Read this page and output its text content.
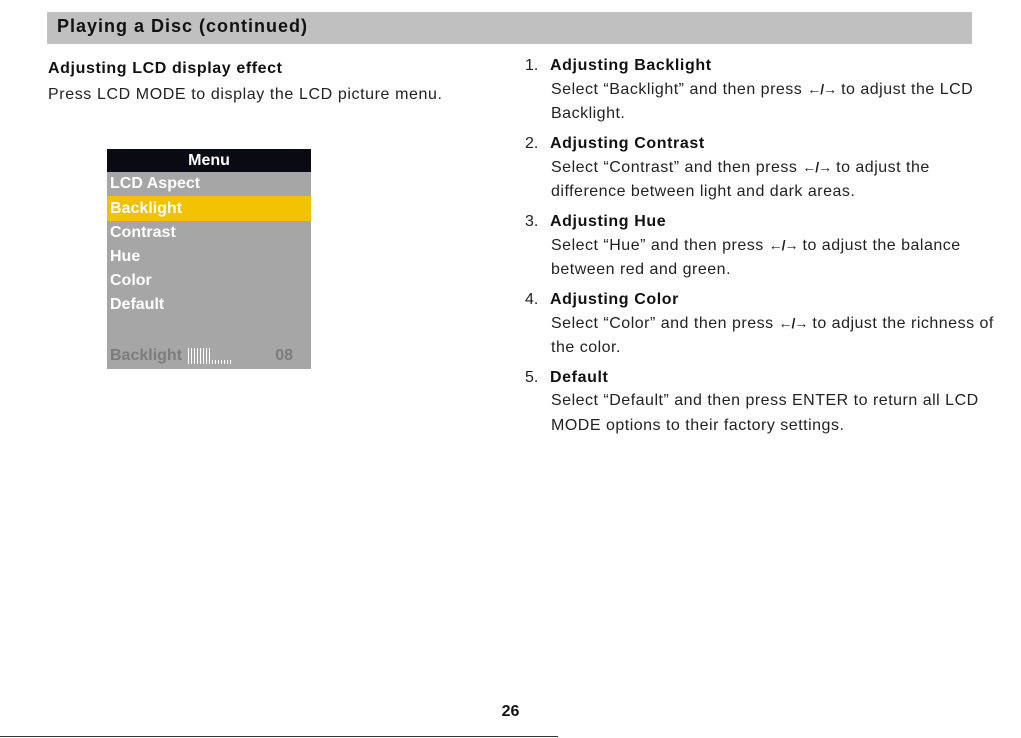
Playing a Disc (continued)

Adjusting LCD display effect

Press LCD MODE to display the LCD picture menu.

Menu
LCD Aspect
Backlight
Contrast
Hue
Color
Default
Backlight	08
1. Adjusting Backlight
Select “Backlight” and then press ←/→ to adjust the LCD Backlight.
2. Adjusting Contrast
Select “Contrast” and then press ←/→ to adjust the difference between light and dark areas.
3. Adjusting Hue
Select “Hue” and then press ←/→ to adjust the balance between red and green.
4. Adjusting Color
Select “Color” and then press ←/→ to adjust the richness of the color.
5. Default
Select “Default” and then press ENTER to return all LCD MODE options to their factory settings.
26
